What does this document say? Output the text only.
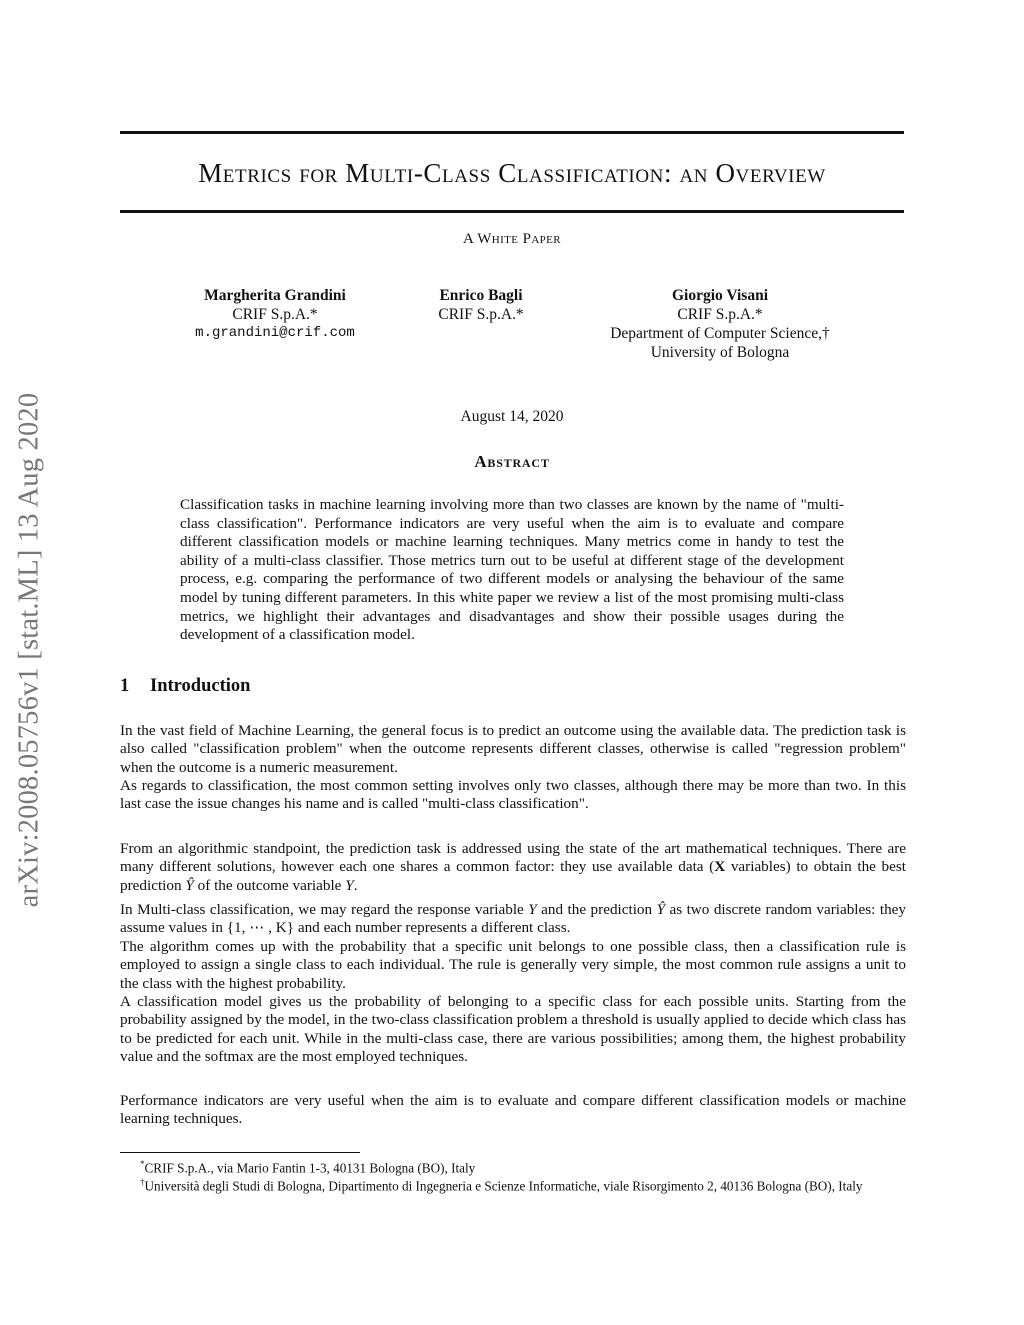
arXiv:2008.05756v1 [stat.ML] 13 Aug 2020
Metrics for Multi-Class Classification: an Overview
A White Paper
Margherita Grandini
CRIF S.p.A.*
m.grandini@crif.com
Enrico Bagli
CRIF S.p.A.*
Giorgio Visani
CRIF S.p.A.*
Department of Computer Science,†
University of Bologna
August 14, 2020
Abstract

Classification tasks in machine learning involving more than two classes are known by the name of "multi-class classification". Performance indicators are very useful when the aim is to evaluate and compare different classification models or machine learning techniques. Many metrics come in handy to test the ability of a multi-class classifier. Those metrics turn out to be useful at different stage of the development process, e.g. comparing the performance of two different models or analysing the behaviour of the same model by tuning different parameters. In this white paper we review a list of the most promising multi-class metrics, we highlight their advantages and disadvantages and show their possible usages during the development of a classification model.

1 Introduction

In the vast field of Machine Learning, the general focus is to predict an outcome using the available data. The prediction task is also called "classification problem" when the outcome represents different classes, otherwise is called "regression problem" when the outcome is a numeric measurement.

As regards to classification, the most common setting involves only two classes, although there may be more than two. In this last case the issue changes his name and is called "multi-class classification".

From an algorithmic standpoint, the prediction task is addressed using the state of the art mathematical techniques. There are many different solutions, however each one shares a common factor: they use available data (X variables) to obtain the best prediction Ŷ of the outcome variable Y.

In Multi-class classification, we may regard the response variable Y and the prediction Ŷ as two discrete random variables: they assume values in {1, ⋯ , K} and each number represents a different class.

The algorithm comes up with the probability that a specific unit belongs to one possible class, then a classification rule is employed to assign a single class to each individual. The rule is generally very simple, the most common rule assigns a unit to the class with the highest probability.

A classification model gives us the probability of belonging to a specific class for each possible units. Starting from the probability assigned by the model, in the two-class classification problem a threshold is usually applied to decide which class has to be predicted for each unit. While in the multi-class case, there are various possibilities; among them, the highest probability value and the softmax are the most employed techniques.

Performance indicators are very useful when the aim is to evaluate and compare different classification models or machine learning techniques.

*CRIF S.p.A., via Mario Fantin 1-3, 40131 Bologna (BO), Italy

†Università degli Studi di Bologna, Dipartimento di Ingegneria e Scienze Informatiche, viale Risorgimento 2, 40136 Bologna (BO), Italy
